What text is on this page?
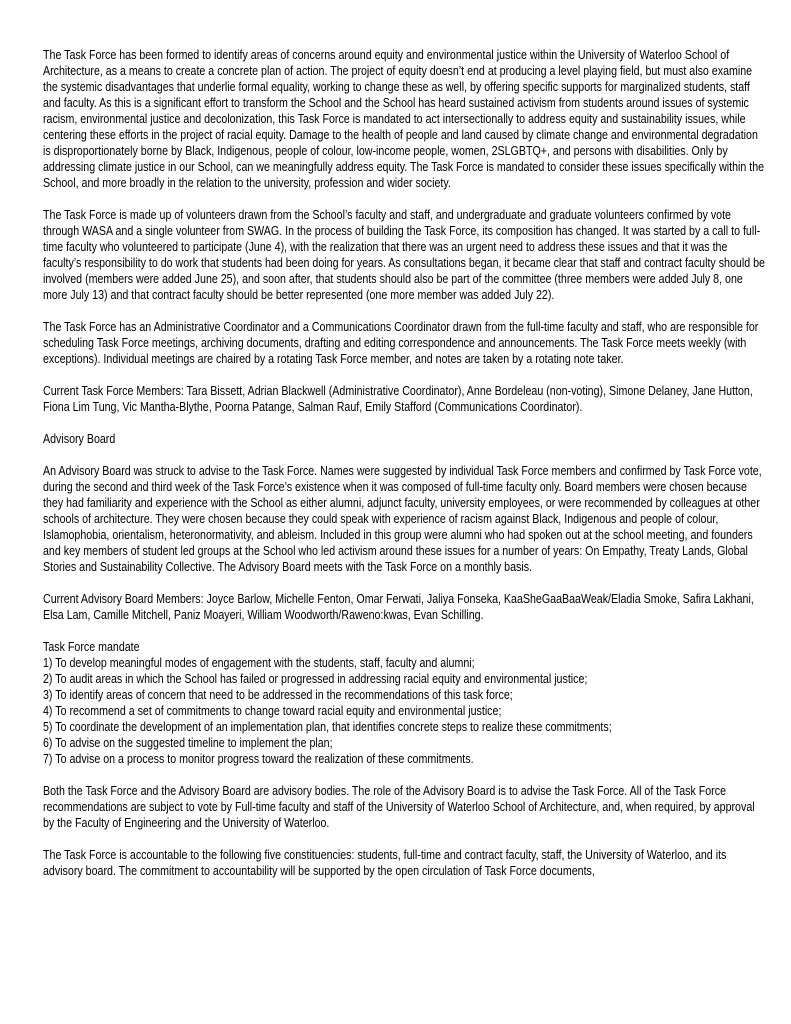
The Task Force has been formed to identify areas of concerns around equity and environmental justice within the University of Waterloo School of Architecture, as a means to create a concrete plan of action. The project of equity doesn’t end at producing a level playing field, but must also examine the systemic disadvantages that underlie formal equality, working to change these as well, by offering specific supports for marginalized students, staff and faculty. As this is a significant effort to transform the School and the School has heard sustained activism from students around issues of systemic racism, environmental justice and decolonization, this Task Force is mandated to act intersectionally to address equity and sustainability issues, while centering these efforts in the project of racial equity. Damage to the health of people and land caused by climate change and environmental degradation is disproportionately borne by Black, Indigenous, people of colour, low-income people, women, 2SLGBTQ+, and persons with disabilities. Only by addressing climate justice in our School, can we meaningfully address equity. The Task Force is mandated to consider these issues specifically within the School, and more broadly in the relation to the university, profession and wider society.

The Task Force is made up of volunteers drawn from the School’s faculty and staff, and undergraduate and graduate volunteers confirmed by vote through WASA and a single volunteer from SWAG. In the process of building the Task Force, its composition has changed. It was started by a call to full-time faculty who volunteered to participate (June 4), with the realization that there was an urgent need to address these issues and that it was the faculty’s responsibility to do work that students had been doing for years. As consultations began, it became clear that staff and contract faculty should be involved (members were added June 25), and soon after, that students should also be part of the committee (three members were added July 8, one more July 13) and that contract faculty should be better represented (one more member was added July 22).

The Task Force has an Administrative Coordinator and a Communications Coordinator drawn from the full-time faculty and staff, who are responsible for scheduling Task Force meetings, archiving documents, drafting and editing correspondence and announcements. The Task Force meets weekly (with exceptions). Individual meetings are chaired by a rotating Task Force member, and notes are taken by a rotating note taker.

Current Task Force Members: Tara Bissett, Adrian Blackwell (Administrative Coordinator), Anne Bordeleau (non-voting), Simone Delaney, Jane Hutton, Fiona Lim Tung, Vic Mantha-Blythe, Poorna Patange, Salman Rauf, Emily Stafford (Communications Coordinator).

Advisory Board

An Advisory Board was struck to advise to the Task Force. Names were suggested by individual Task Force members and confirmed by Task Force vote, during the second and third week of the Task Force’s existence when it was composed of full-time faculty only. Board members were chosen because they had familiarity and experience with the School as either alumni, adjunct faculty, university employees, or were recommended by colleagues at other schools of architecture. They were chosen because they could speak with experience of racism against Black, Indigenous and people of colour, Islamophobia, orientalism, heteronormativity, and ableism. Included in this group were alumni who had spoken out at the school meeting, and founders and key members of student led groups at the School who led activism around these issues for a number of years: On Empathy, Treaty Lands, Global Stories and Sustainability Collective. The Advisory Board meets with the Task Force on a monthly basis.

Current Advisory Board Members: Joyce Barlow, Michelle Fenton, Omar Ferwati, Jaliya Fonseka, KaaSheGaaBaaWeak/Eladia Smoke, Safira Lakhani, Elsa Lam, Camille Mitchell, Paniz Moayeri, William Woodworth/Raweno:kwas, Evan Schilling.

Task Force mandate
1) To develop meaningful modes of engagement with the students, staff, faculty and alumni;
2) To audit areas in which the School has failed or progressed in addressing racial equity and environmental justice;
3) To identify areas of concern that need to be addressed in the recommendations of this task force;
4) To recommend a set of commitments to change toward racial equity and environmental justice;
5) To coordinate the development of an implementation plan, that identifies concrete steps to realize these commitments;
6) To advise on the suggested timeline to implement the plan;
7) To advise on a process to monitor progress toward the realization of these commitments.

Both the Task Force and the Advisory Board are advisory bodies. The role of the Advisory Board is to advise the Task Force. All of the Task Force recommendations are subject to vote by Full-time faculty and staff of the University of Waterloo School of Architecture, and, when required, by approval by the Faculty of Engineering and the University of Waterloo.

The Task Force is accountable to the following five constituencies: students, full-time and contract faculty, staff, the University of Waterloo, and its advisory board. The commitment to accountability will be supported by the open circulation of Task Force documents,
